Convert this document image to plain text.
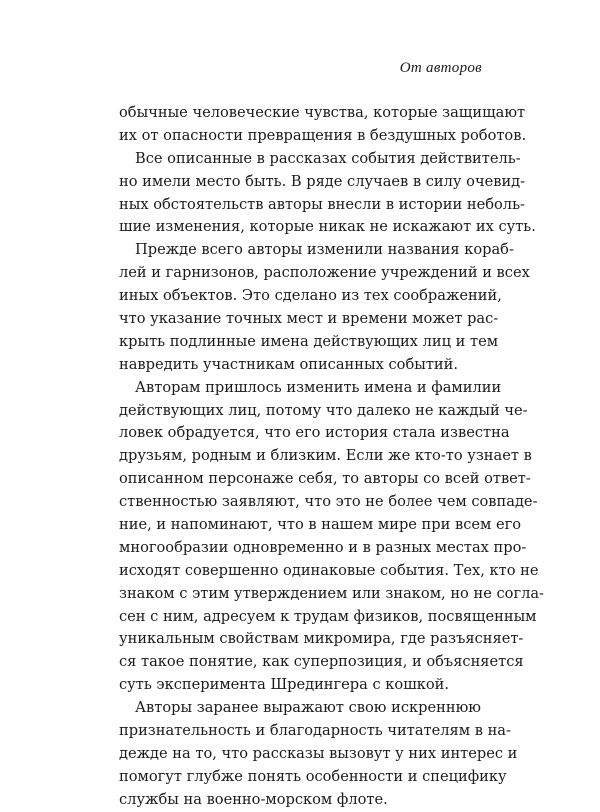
От авторов
обычные человеческие чувства, которые защищают
их от опасности превращения в бездушных роботов.
Все описанные в рассказах события действитель-
но имели место быть. В ряде случаев в силу очевид-
ных обстоятельств авторы внесли в истории неболь-
шие изменения, которые никак не искажают их суть.
Прежде всего авторы изменили названия кораб-
лей и гарнизонов, расположение учреждений и всех
иных объектов. Это сделано из тех соображений,
что указание точных мест и времени может рас-
крыть подлинные имена действующих лиц и тем
навредить участникам описанных событий.
Авторам пришлось изменить имена и фамилии
действующих лиц, потому что далеко не каждый че-
ловек обрадуется, что его история стала известна
друзьям, родным и близким. Если же кто-то узнает в
описанном персонаже себя, то авторы со всей ответ-
ственностью заявляют, что это не более чем совпаде-
ние, и напоминают, что в нашем мире при всем его
многообразии одновременно и в разных местах про-
исходят совершенно одинаковые события. Тех, кто не
знаком с этим утверждением или знаком, но не согла-
сен с ним, адресуем к трудам физиков, посвященным
уникальным свойствам микромира, где разъясняет-
ся такое понятие, как суперпозиция, и объясняется
суть эксперимента Шредингера с кошкой.
Авторы заранее выражают свою искреннюю
признательность и благодарность читателям в на-
дежде на то, что рассказы вызовут у них интерес и
помогут глубже понять особенности и специфику
службы на военно-морском флоте.
